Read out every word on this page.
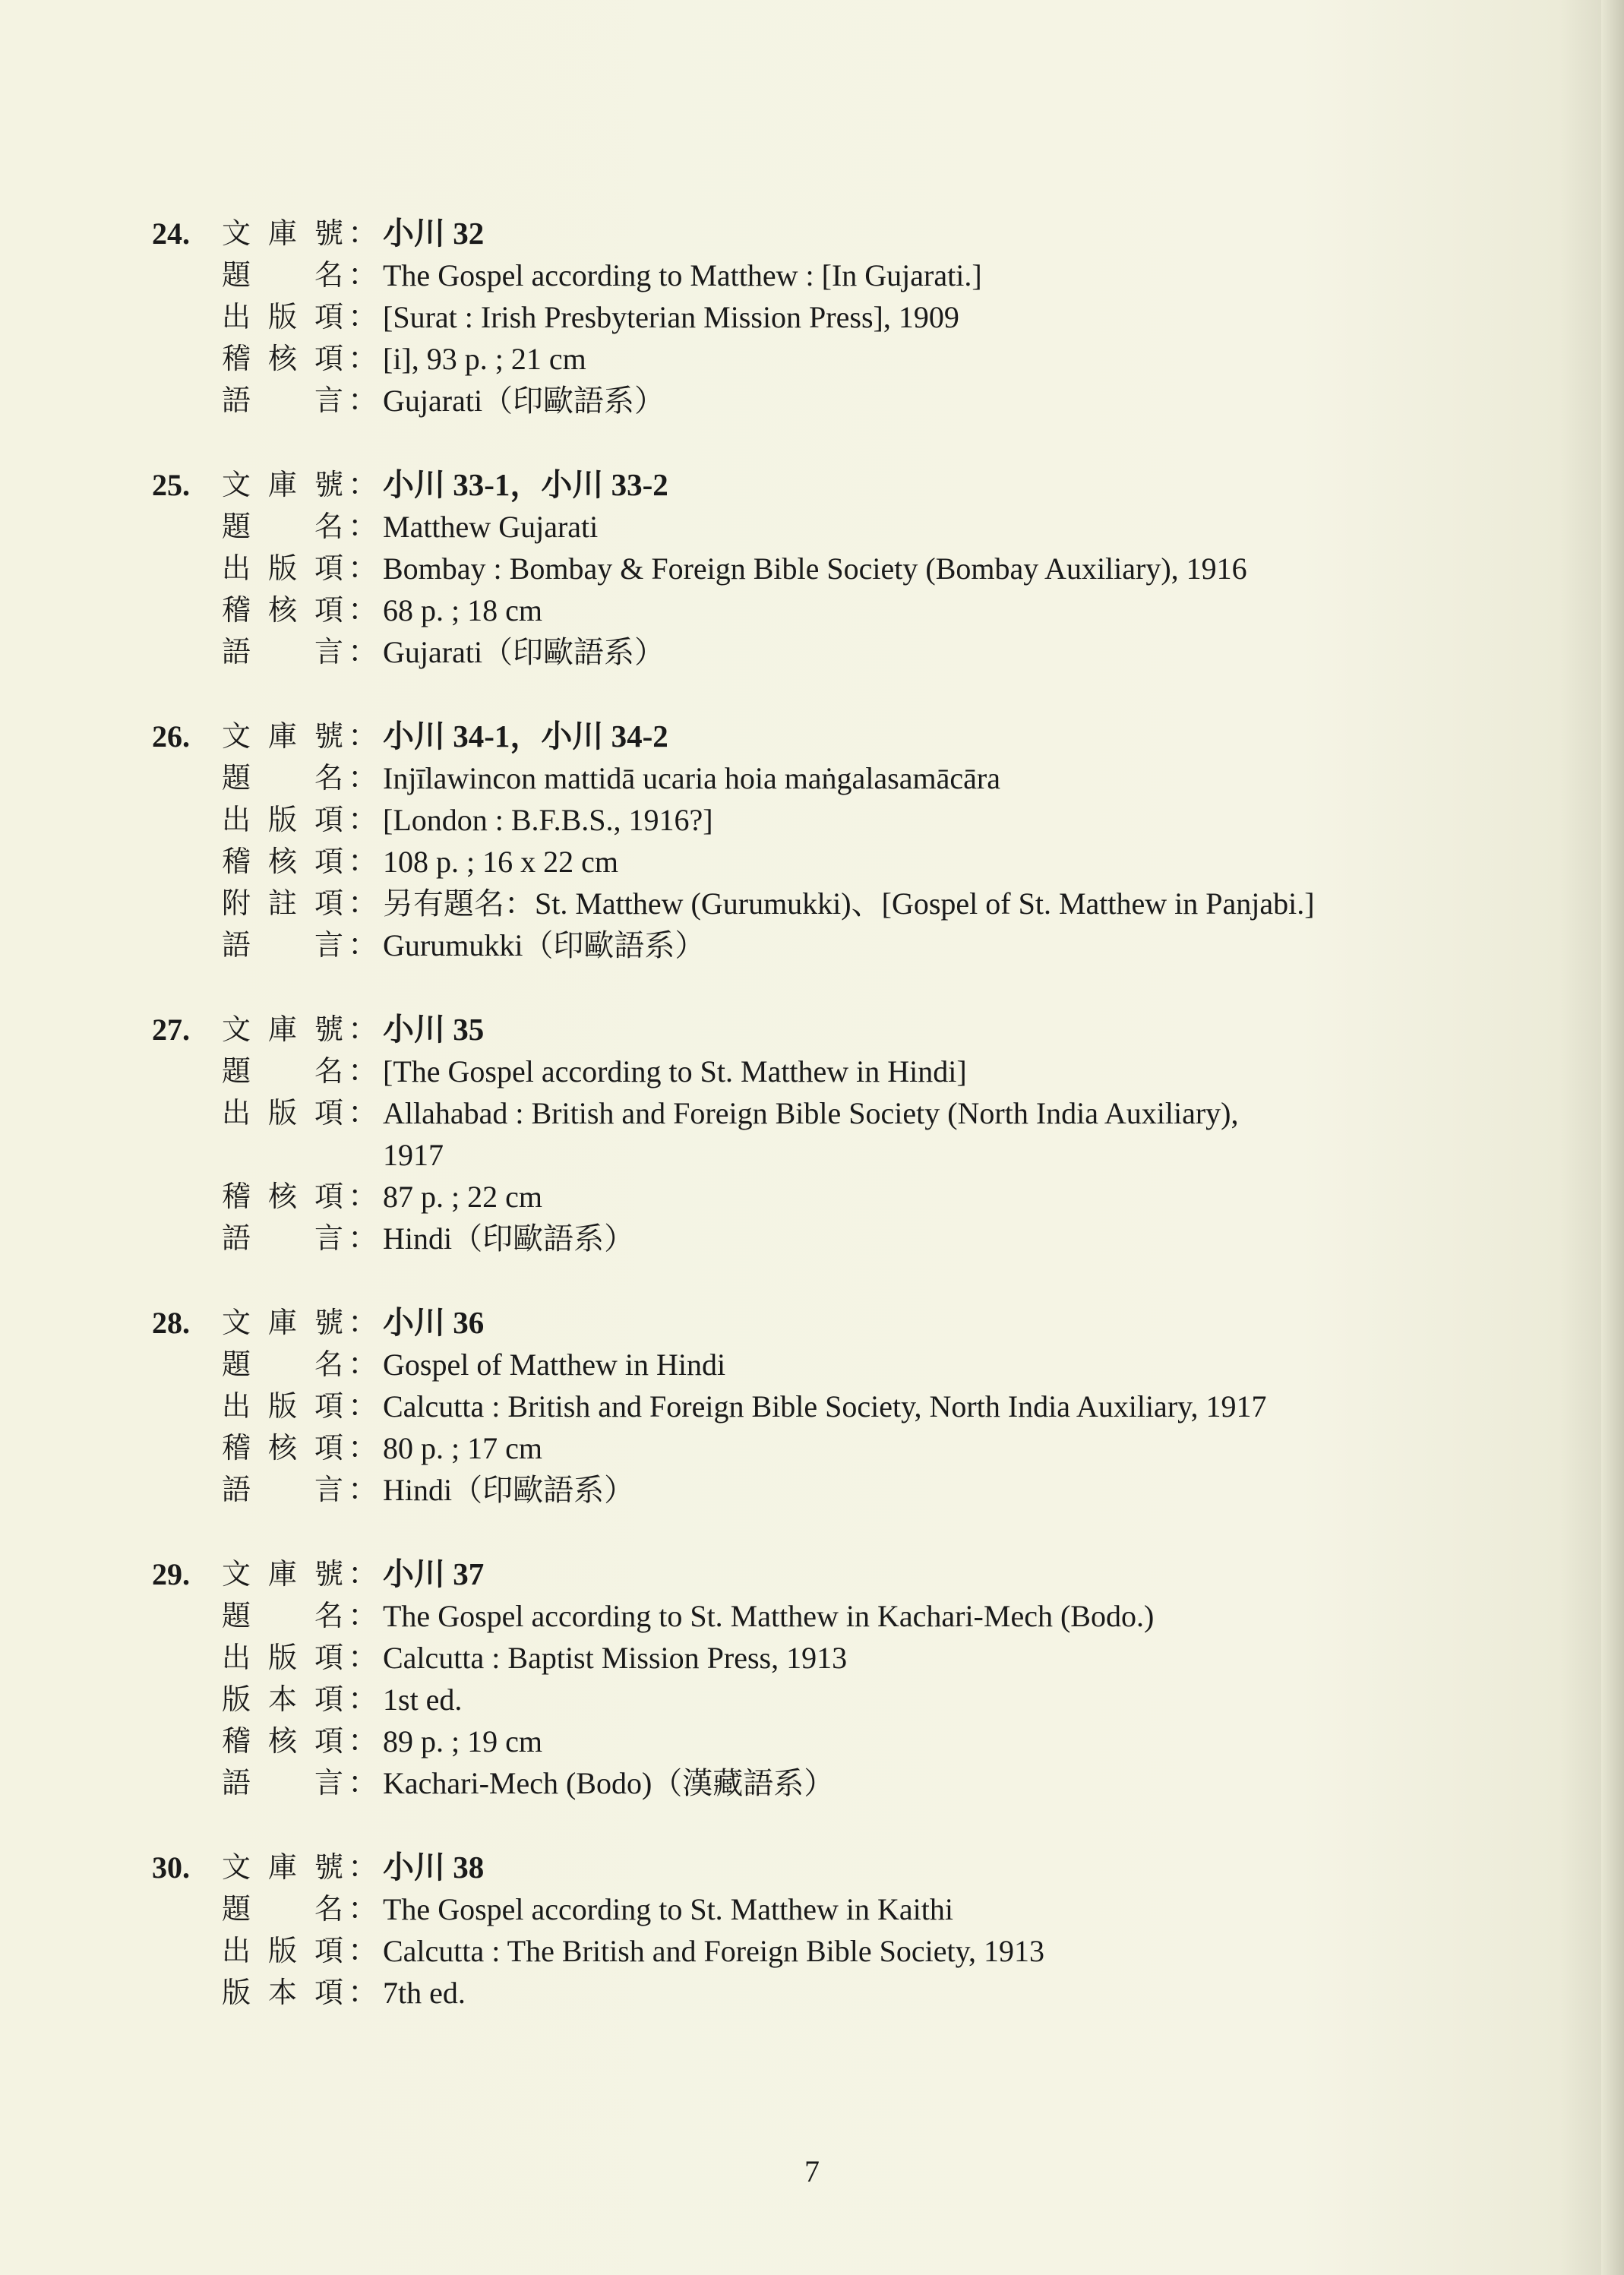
24.	文 庫 號 ： 小川 32
題 名 ： The Gospel according to Matthew : [In Gujarati.]
出 版 項 ： [Surat : Irish Presbyterian Mission Press], 1909
稽 核 項 ： [i], 93 p. ; 21 cm
語 言 ： Gujarati（印歐語系）
25.	文 庫 號 ： 小川 33-1，小川 33-2
題 名 ： Matthew Gujarati
出 版 項 ： Bombay : Bombay & Foreign Bible Society (Bombay Auxiliary), 1916
稽 核 項 ： 68 p. ; 18 cm
語 言 ： Gujarati（印歐語系）
26.	文 庫 號 ： 小川 34-1，小川 34-2
題 名 ： Injīlawincon mattidā ucaria hoia maṅgalasamācāra
出 版 項 ： [London : B.F.B.S., 1916?]
稽 核 項 ： 108 p. ; 16 x 22 cm
附 註 項 ： 另有題名：St. Matthew (Gurumukki)、[Gospel of St. Matthew in Panjabi.]
語 言 ： Gurumukki（印歐語系）
27.	文 庫 號 ： 小川 35
題 名 ： [The Gospel according to St. Matthew in Hindi]
出 版 項 ： Allahabad : British and Foreign Bible Society (North India Auxiliary),
1917
稽 核 項 ： 87 p. ; 22 cm
語 言 ： Hindi（印歐語系）
28.	文 庫 號 ： 小川 36
題 名 ： Gospel of Matthew in Hindi
出 版 項 ： Calcutta : British and Foreign Bible Society, North India Auxiliary, 1917
稽 核 項 ： 80 p. ; 17 cm
語 言 ： Hindi（印歐語系）
29.	文 庫 號 ： 小川 37
題 名 ： The Gospel according to St. Matthew in Kachari-Mech (Bodo.)
出 版 項 ： Calcutta : Baptist Mission Press, 1913
版 本 項 ： 1st ed.
稽 核 項 ： 89 p. ; 19 cm
語 言 ： Kachari-Mech (Bodo)（漢藏語系）
30.	文 庫 號 ： 小川 38
題 名 ： The Gospel according to St. Matthew in Kaithi
出 版 項 ： Calcutta : The British and Foreign Bible Society, 1913
版 本 項 ： 7th ed.
7
